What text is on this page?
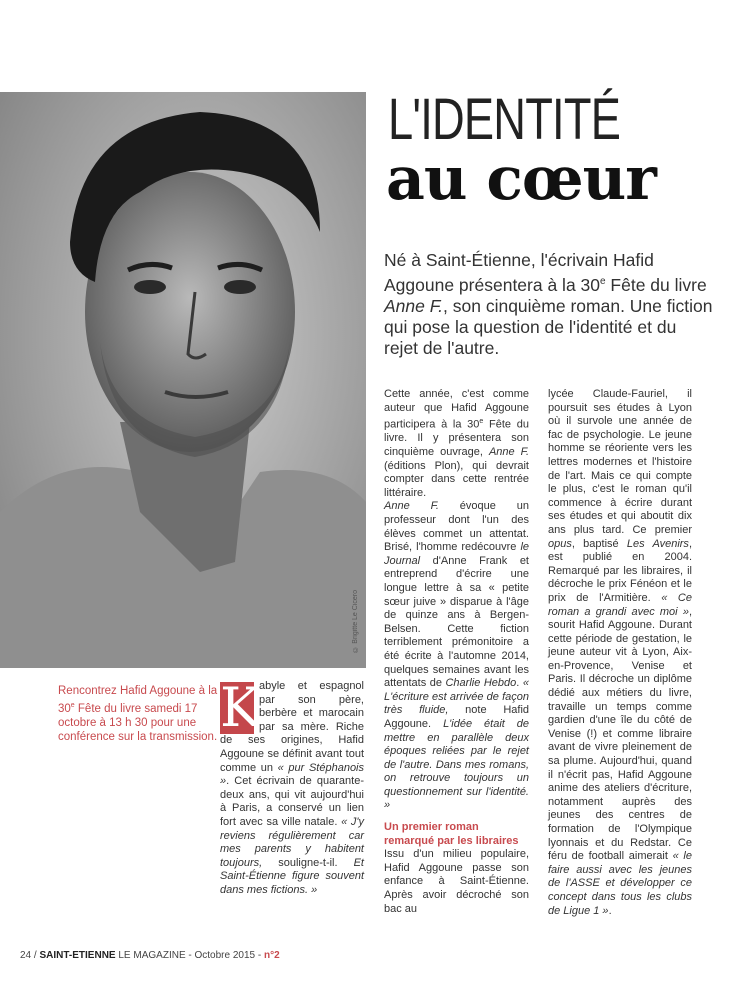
© Brigitte Le Cicero
L'IDENTITÉ
au cœur
Né à Saint-Étienne, l'écrivain Hafid Aggoune présentera à la 30e Fête du livre Anne F., son cinquième roman. Une fiction qui pose la question de l'identité et du rejet de l'autre.
Rencontrez Hafid Aggoune à la 30e Fête du livre samedi 17 octobre à 13 h 30 pour une conférence sur la transmission. K
abyle et espagnol par son père, berbère et marocain par sa mère. Riche de ses origines, Hafid Aggoune se définit avant tout comme un « pur Stéphanois ». Cet écrivain de quarante-deux ans, qui vit aujourd'hui à Paris, a conservé un lien fort avec sa ville natale. « J'y reviens régulièrement car mes parents y habitent toujours, souligne-t-il. Et Saint-Étienne figure souvent dans mes fictions. »

Cette année, c'est comme auteur que Hafid Aggoune participera à la 30e Fête du livre. Il y présentera son cinquième ouvrage, Anne F. (éditions Plon), qui devrait compter dans cette rentrée littéraire.

Anne F. évoque un professeur dont l'un des élèves commet un attentat. Brisé, l'homme redécouvre le Journal d'Anne Frank et entreprend d'écrire une longue lettre à sa « petite sœur juive » disparue à l'âge de quinze ans à Bergen-Belsen. Cette fiction terriblement prémonitoire a été écrite à l'automne 2014, quelques semaines avant les attentats de Charlie Hebdo. « L'écriture est arrivée de façon très fluide, note Hafid Aggoune. L'idée était de mettre en parallèle deux époques reliées par le rejet de l'autre. Dans mes romans, on retrouve toujours un questionnement sur l'identité. »

Un premier roman remarqué par les libraires

Issu d'un milieu populaire, Hafid Aggoune passe son enfance à Saint-Étienne. Après avoir décroché son bac au

lycée Claude-Fauriel, il poursuit ses études à Lyon où il survole une année de fac de psychologie. Le jeune homme se réoriente vers les lettres modernes et l'histoire de l'art. Mais ce qui compte le plus, c'est le roman qu'il commence à écrire durant ses études et qui aboutit dix ans plus tard. Ce premier opus, baptisé Les Avenirs, est publié en 2004. Remarqué par les libraires, il décroche le prix Fénéon et le prix de l'Armitière. « Ce roman a grandi avec moi », sourit Hafid Aggoune. Durant cette période de gestation, le jeune auteur vit à Lyon, Aix-en-Provence, Venise et Paris. Il décroche un diplôme dédié aux métiers du livre, travaille un temps comme gardien d'une île du côté de Venise (!) et comme libraire avant de vivre pleinement de sa plume. Aujourd'hui, quand il n'écrit pas, Hafid Aggoune anime des ateliers d'écriture, notamment auprès des jeunes des centres de formation de l'Olympique lyonnais et du Redstar. Ce féru de football aimerait « le faire aussi avec les jeunes de l'ASSE et développer ce concept dans tous les clubs de Ligue 1 ».

24 / SAINT-ETIENNE LE MAGAZINE - Octobre 2015 - n°2
